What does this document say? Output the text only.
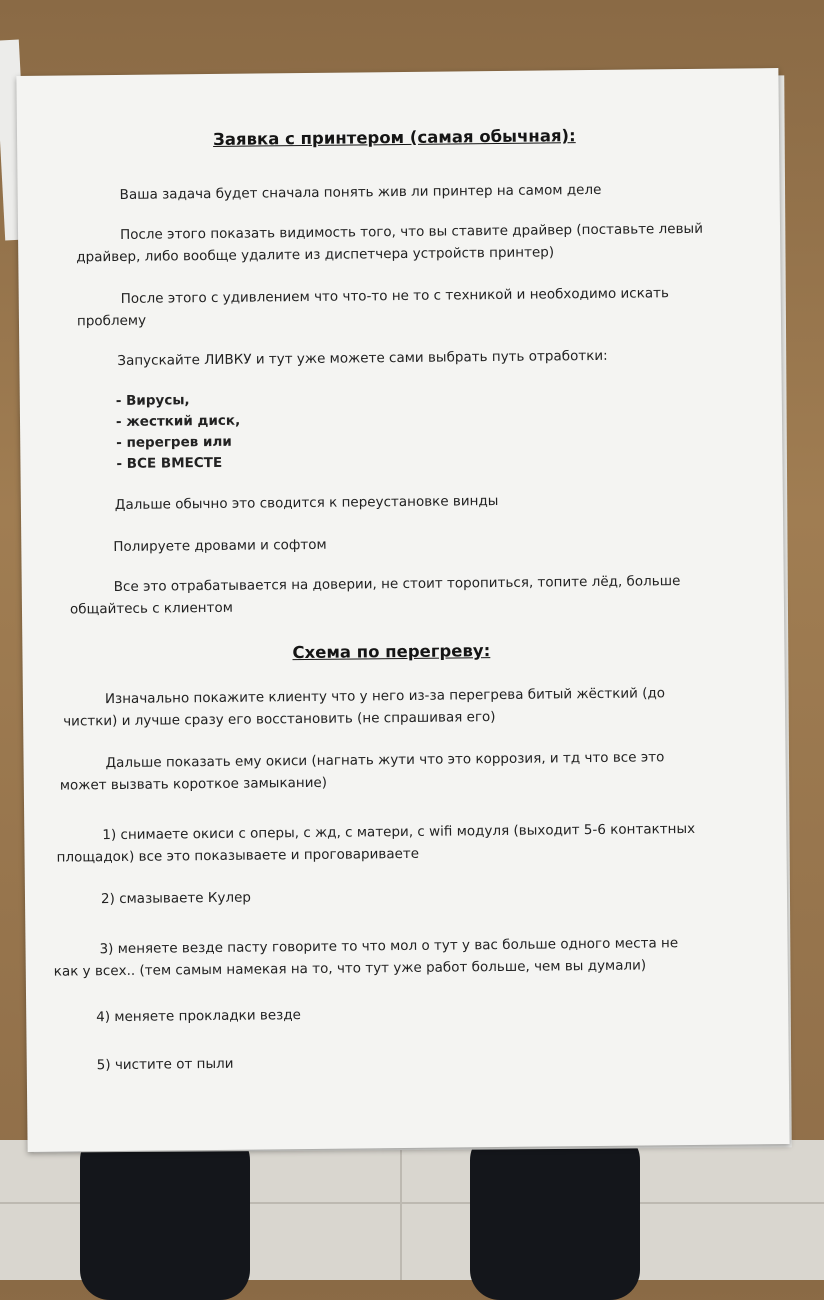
Заявка с принтером (самая обычная):
Ваша задача будет сначала понять жив ли принтер на самом деле
После этого показать видимость того, что вы ставите драйвер (поставьте левый
драйвер, либо вообще удалите из диспетчера устройств принтер)
После этого с удивлением что что-то не то с техникой и необходимо искать
проблему
Запускайте ЛИВКУ и тут уже можете сами выбрать путь отработки:
- Вирусы,
- жесткий диск,
- перегрев или
- ВСЕ ВМЕСТЕ
Дальше обычно это сводится к переустановке винды
Полируете дровами и софтом
Все это отрабатывается на доверии, не стоит торопиться, топите лёд, больше
общайтесь с клиентом
Схема по перегреву:
Изначально покажите клиенту что у него из-за перегрева битый жёсткий (до
чистки) и лучше сразу его восстановить (не спрашивая его)
Дальше показать ему окиси (нагнать жути что это коррозия, и тд что все это
может вызвать короткое замыкание)
1) снимаете окиси с оперы, с жд, с матери, с wifi модуля (выходит 5-6 контактных
площадок) все это показываете и проговариваете
2) смазываете Кулер
3) меняете везде пасту говорите то что мол о тут у вас больше одного места не
как у всех.. (тем самым намекая на то, что тут уже работ больше, чем вы думали)
4) меняете прокладки везде
5) чистите от пыли
